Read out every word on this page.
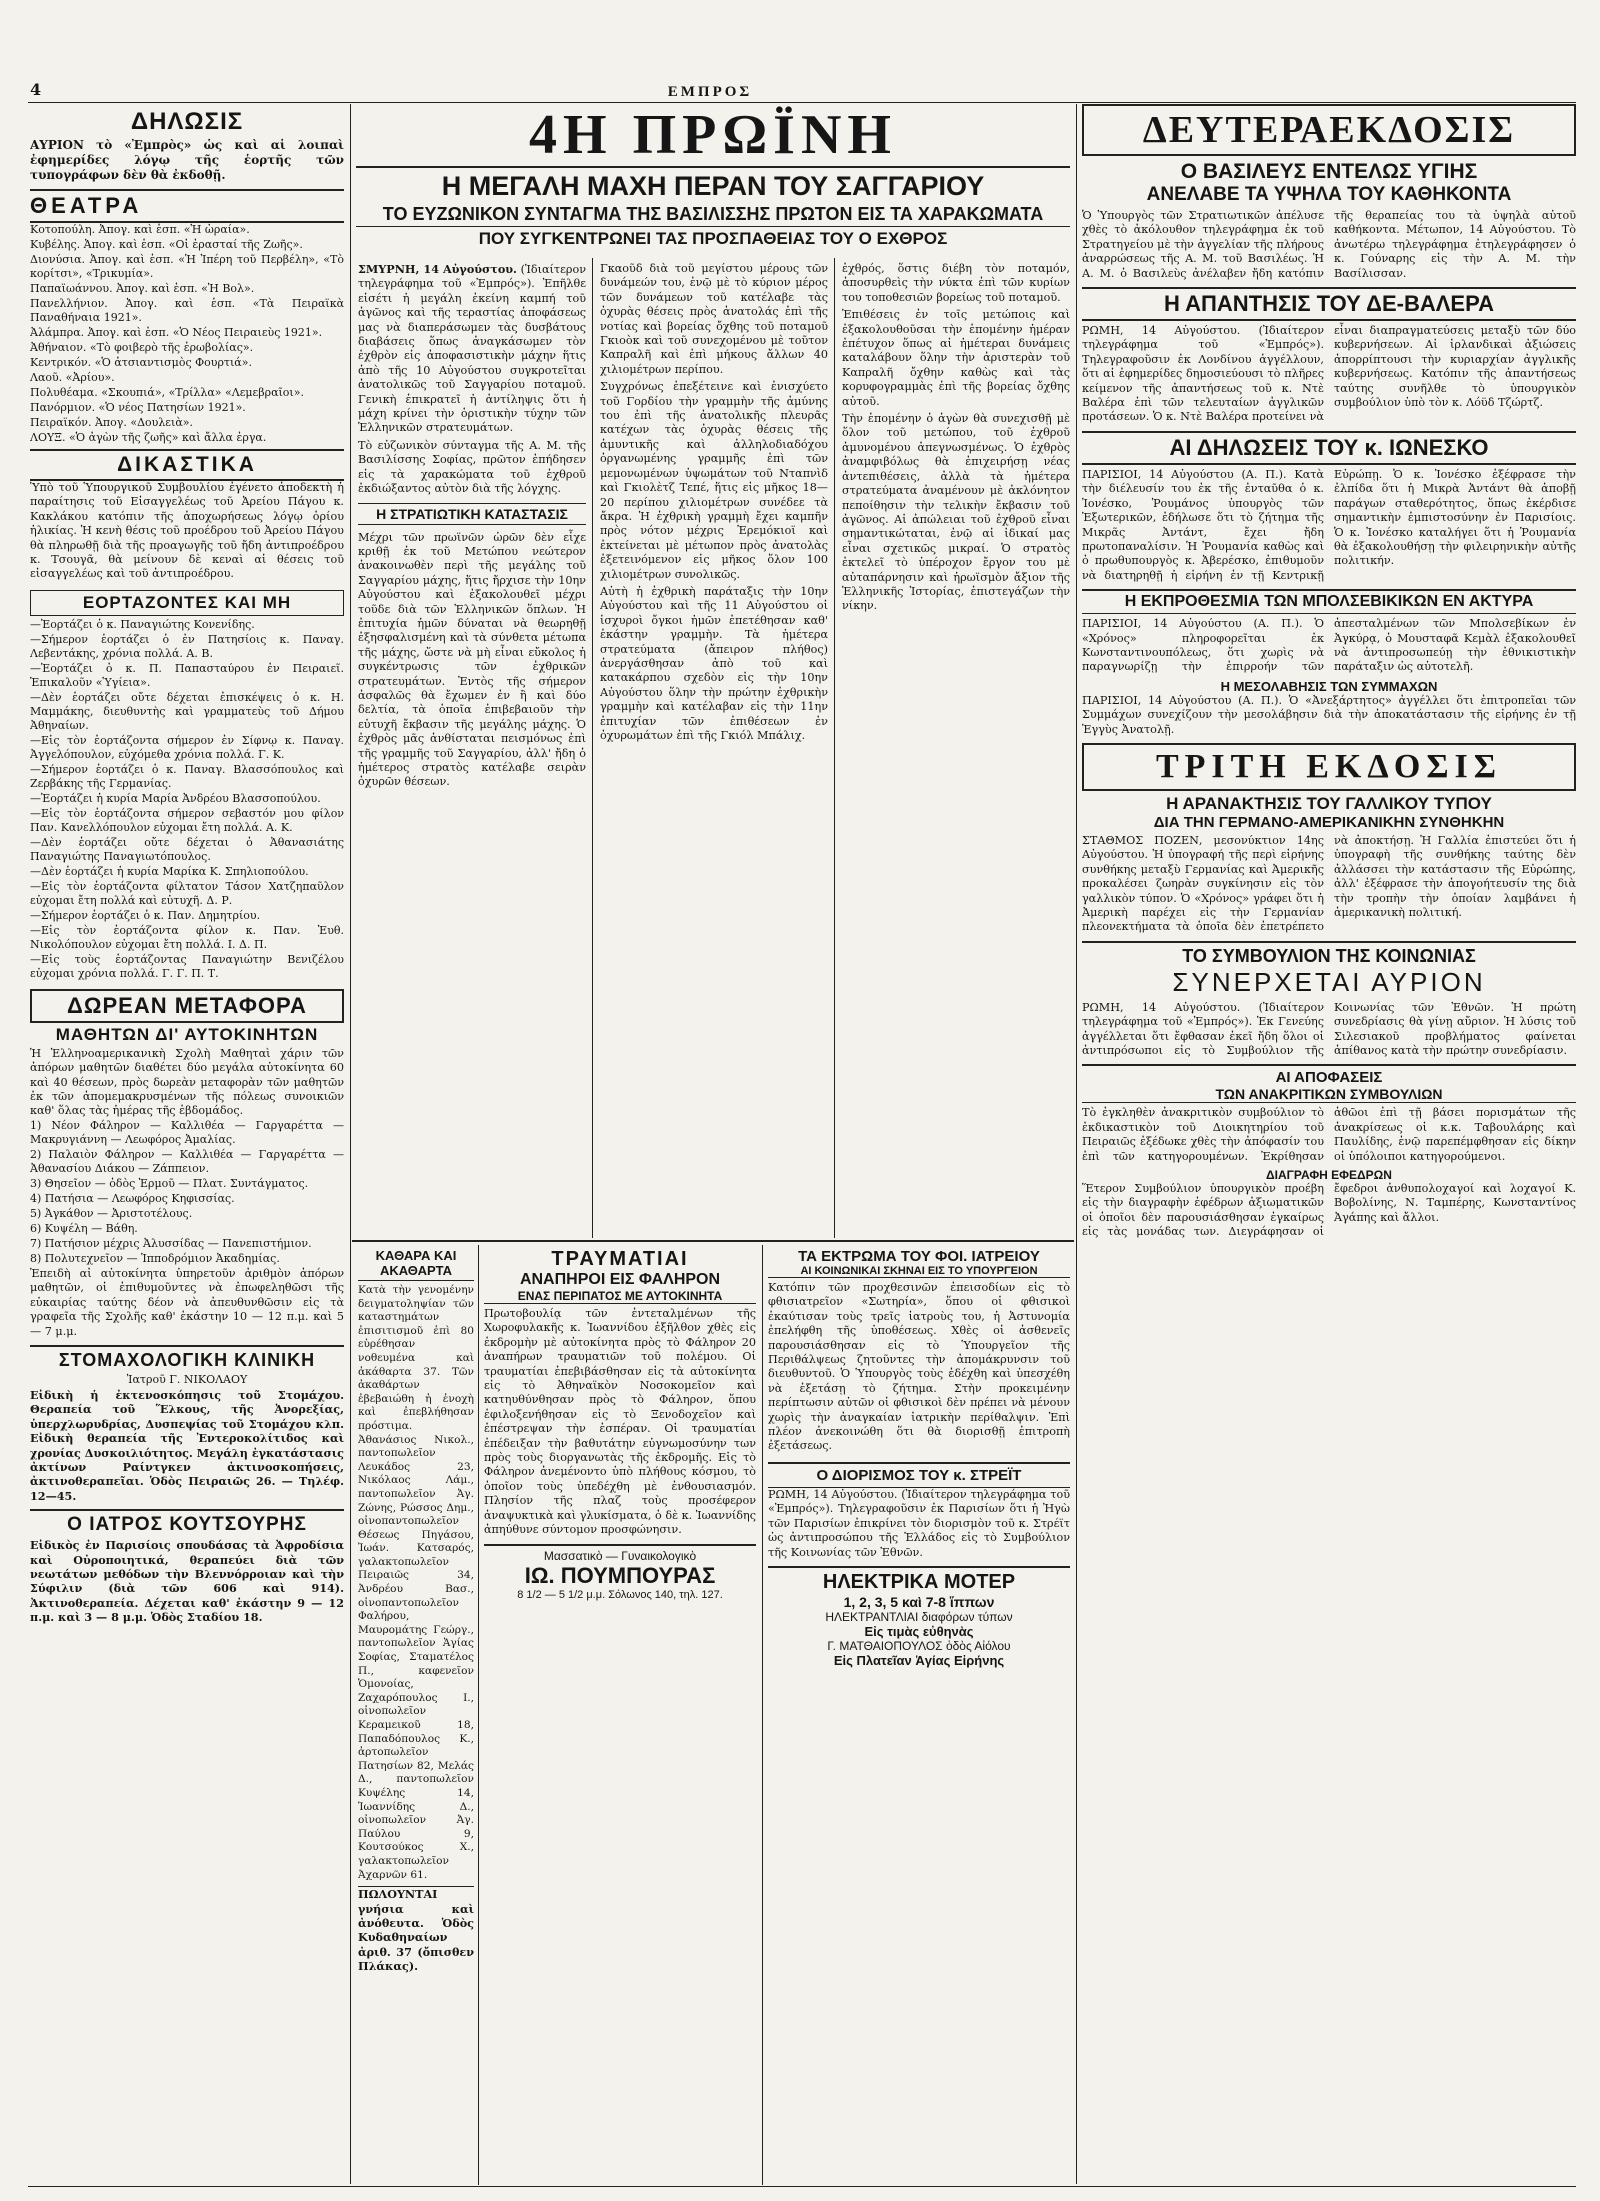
4	ΕΜΠΡΟΣ
ΔΗΛΩΣΙΣ
ΑΥΡΙΟΝ τὸ «Ἐμπρὸς» ὡς καὶ αἱ λοιπαὶ ἐφημερίδες λόγῳ τῆς ἑορτῆς τῶν τυπογράφων δὲν θὰ ἐκδοθῇ.
ΘΕΑΤΡΑ
Κοτοπούλη. Ἀπογ. καὶ ἑσπ. «Ἡ ὡραία».
Κυβέλης. Ἀπογ. καὶ ἑσπ. «Οἱ ἐρασταί τῆς Ζωῆς».
Διονύσια. Ἀπογ. καὶ ἑσπ. «Ἡ Ἰπέρη τοῦ Περβέλη», «Τὸ κορίτσι», «Τρικυμία».
Παπαϊωάννου. Ἀπογ. καὶ ἑσπ. «Ἡ Βολ».
Πανελλήνιον. Ἀπογ. καὶ ἑσπ. «Τὰ Πειραϊκὰ Παναθήναια 1921».
Ἀλάμπρα. Ἀπογ. καὶ ἑσπ. «Ὁ Νέος Πειραιεὺς 1921».
Ἀθήναιον. «Τὸ φοιβερὸ τῆς ἐρωβολίας».
Κεντρικόν. «Ὁ ἀτσιαντισμὸς Φουρτιά».
Λαοῦ. «Ἀρίου».
Πολυθέαμα. «Σκουπιά», «Τρίλλα» «Λεμεβραῖοι».
Πανόρμιον. «Ὁ νέος Πατησίων 1921».
Πειραϊκόν. Ἀπογ. «Δουλειὰ».
ΛΟΥΞ. «Ὁ ἀγὼν τῆς ζωῆς» καὶ ἄλλα ἐργα.
ΔΙΚΑΣΤΙΚΑ
Ὑπὸ τοῦ Ὑπουργικοῦ Συμβουλίου ἐγένετο ἀποδεκτὴ ἡ παραίτησις τοῦ Εἰσαγγελέως τοῦ Ἀρείου Πάγου κ. Κακλάκου κατόπιν τῆς ἀποχωρήσεως λόγῳ ὁρίου ἡλικίας. Ἡ κενὴ θέσις τοῦ προέδρου τοῦ Ἀρείου Πάγου θὰ πληρωθῇ διὰ τῆς προαγωγῆς τοῦ ἤδη ἀντιπροέδρου κ. Τσουγᾶ, θὰ μείνουν δὲ κεναὶ αἱ θέσεις τοῦ εἰσαγγελέως καὶ τοῦ ἀντιπροέδρου.
ΕΟΡΤΑΖΟΝΤΕΣ ΚΑΙ ΜΗ
—Ἑορτάζει ὁ κ. Παναγιώτης Κονενίδης.
—Σήμερον ἑορτάζει ὁ ἐν Πατησίοις κ. Παναγ. Λεβεντάκης, χρόνια πολλά. Α. Β.
—Ἑορτάζει ὁ κ. Π. Παπασταύρου ἐν Πειραιεῖ. Ἐπικαλοῦν «Ὑγίεια».
—Δὲν ἑορτάζει οὔτε δέχεται ἐπισκέψεις ὁ κ. Η. Μαμμάκης, διευθυντὴς καὶ γραμματεὺς τοῦ Δήμου Ἀθηναίων.
—Εἰς τὸν ἑορτάζοντα σήμερον ἐν Σίφνῳ κ. Παναγ. Ἀγγελόπουλον, εὐχόμεθα χρόνια πολλά. Γ. Κ.
—Σήμερον ἑορτάζει ὁ κ. Παναγ. Βλασσόπουλος καὶ Ζερβάκης τῆς Γερμανίας.
—Ἑορτάζει ἡ κυρία Μαρία Ἀνδρέου Βλασσοπούλου.
—Εἰς τὸν ἑορτάζοντα σήμερον σεβαστόν μου φίλον Παν. Κανελλόπουλον εὐχομαι ἔτη πολλά. Α. Κ.
—Δὲν ἑορτάζει οὔτε δέχεται ὁ Ἀθανασιάτης Παναγιώτης Παναγιωτόπουλος.
—Δὲν ἑορτάζει ἡ κυρία Μαρίκα Κ. Σπηλιοπούλου.
—Εἰς τὸν ἑορτάζοντα φίλτατον Τάσον Χατζηπαῦλον εὐχομαι ἔτη πολλά καὶ εὐτυχῆ. Δ. Ρ.
—Σήμερον ἑορτάζει ὁ κ. Παν. Δημητρίου.
—Εἰς τὸν ἑορτάζοντα φίλον κ. Παν. Ἐυθ. Νικολόπουλον εὐχομαι ἔτη πολλά. Ι. Δ. Π.
—Εἰς τοὺς ἑορτάζοντας Παναγιώτην Βενιζέλου εὐχομαι χρόνια πολλά. Γ. Γ. Π. Τ.
ΔΩΡΕΑΝ ΜΕΤΑΦΟΡΑ
ΜΑΘΗΤΩΝ ΔΙ' ΑΥΤΟΚΙΝΗΤΩΝ
Ἡ Ἑλληνοαμερικανικὴ Σχολὴ Μαθηταὶ χάριν τῶν ἀπόρων μαθητῶν διαθέτει δύο μεγάλα αὐτοκίνητα 60 καὶ 40 θέσεων, πρὸς δωρεὰν μεταφορὰν τῶν μαθητῶν ἐκ τῶν ἀπομεμακρυσμένων τῆς πόλεως συνοικιῶν καθ' ὅλας τὰς ἡμέρας τῆς ἑβδομάδος.
1) Νέον Φάληρον — Καλλιθέα — Γαργαρέττα — Μακρυγιάννη — Λεωφόρος Ἀμαλίας.
2) Παλαιὸν Φάληρον — Καλλιθέα — Γαργαρέττα — Ἀθανασίου Διάκου — Ζάππειον.
3) Θησεῖον — ὁδὸς Ἑρμοῦ — Πλατ. Συντάγματος.
4) Πατήσια — Λεωφόρος Κηφισσίας.
5) Ἀγκάθον — Ἀριστοτέλους.
6) Κυψέλη — Βάθη.
7) Πατήσιον μέχρις Ἀλυσσίδας — Πανεπιστήμιον.
8) Πολυτεχνεῖον — Ἱπποδρόμιον Ἀκαδημίας.
Ἐπειδὴ αἱ αὐτοκίνητα ὑπηρετοῦν ἀριθμὸν ἀπόρων μαθητῶν, οἱ ἐπιθυμοῦντες νὰ ἐπωφεληθῶσι τῆς εὐκαιρίας ταύτης δέον νὰ ἀπευθυνθῶσιν εἰς τὰ γραφεῖα τῆς Σχολῆς καθ' ἑκάστην 10 — 12 π.μ. καὶ 5 — 7 μ.μ.
ΣΤΟΜΑΧΟΛΟΓΙΚΗ ΚΛΙΝΙΚΗ
Ἰατροῦ Γ. ΝΙΚΟΛΑΟΥ
Εἰδικὴ ἡ ἐκτενοσκόπησις τοῦ Στομάχου. Θεραπεία τοῦ Ἕλκους, τῆς Ἀνορεξίας, ὑπερχλωρυδρίας, Δυσπεψίας τοῦ Στομάχου κλπ. Εἰδικὴ θεραπεία τῆς Ἐντεροκολίτιδος καὶ χρονίας Δυσκοιλιότητος. Μεγάλη ἐγκατάστασις ἀκτίνων Ραίντγκεν ἀκτινοσκοπήσεις, ἀκτινοθεραπεῖαι. Ὁδὸς Πειραιῶς 26. — Τηλέφ. 12—45.
Ο ΙΑΤΡΟΣ ΚΟΥΤΣΟΥΡΗΣ
Εἰδικὸς ἐν Παρισίοις σπουδάσας τὰ Ἀφροδίσια καὶ Οὐροποιητικά, θεραπεύει διὰ τῶν νεωτάτων μεθόδων τὴν Βλεννόρροιαν καὶ τὴν Σύφιλιν (διὰ τῶν 606 καὶ 914). Ἀκτινοθεραπεία. Δέχεται καθ' ἑκάστην 9 — 12 π.μ. καὶ 3 — 8 μ.μ. Ὁδὸς Σταδίου 18.
4Η ΠΡΩΪΝΗ
Η ΜΕΓΑΛΗ ΜΑΧΗ ΠΕΡΑΝ ΤΟΥ ΣΑΓΓΑΡΙΟΥ
ΤΟ ΕΥΖΩΝΙΚΟΝ ΣΥΝΤΑΓΜΑ ΤΗΣ ΒΑΣΙΛΙΣΣΗΣ ΠΡΩΤΟΝ ΕΙΣ ΤΑ ΧΑΡΑΚΩΜΑΤΑ
ΠΟΥ ΣΥΓΚΕΝΤΡΩΝΕΙ ΤΑΣ ΠΡΟΣΠΑΘΕΙΑΣ ΤΟΥ Ο ΕΧΘΡΟΣ
ΣΜΥΡΝΗ, 14 Αὐγούστου. (Ἰδιαίτερον τηλεγράφημα τοῦ «Ἐμπρός»). Ἐπῆλθε εἰσέτι ἡ μεγάλη ἐκείνη καμπή τοῦ ἀγῶνος καὶ τῆς τεραστίας ἀποφάσεως μας νὰ διαπεράσωμεν τὰς δυσβάτους διαβάσεις ὅπως ἀναγκάσωμεν τὸν ἐχθρὸν εἰς ἀποφασιστικὴν μάχην ἥτις ἀπὸ τῆς 10 Αὐγούστου συγκροτεῖται ἀνατολικῶς τοῦ Σαγγαρίου ποταμοῦ. Γενικὴ ἐπικρατεῖ ἡ ἀντίληψις ὅτι ἡ μάχη κρίνει τὴν ὁριστικὴν τύχην τῶν Ἑλληνικῶν στρατευμάτων.
Τὸ εὐζωνικὸν σύνταγμα τῆς Α. Μ. τῆς Βασιλίσσης Σοφίας, πρῶτον ἐπήδησεν εἰς τὰ χαρακώματα τοῦ ἐχθροῦ ἐκδιώξαντος αὐτὸν διὰ τῆς λόγχης.
Η ΣΤΡΑΤΙΩΤΙΚΗ ΚΑΤΑΣΤΑΣΙΣ
Μέχρι τῶν πρωϊνῶν ὡρῶν δὲν εἶχε κριθῇ ἐκ τοῦ Μετώπου νεώτερον ἀνακοινωθὲν περὶ τῆς μεγάλης τοῦ Σαγγαρίου μάχης, ἥτις ἤρχισε τὴν 10ην Αὐγούστου καὶ ἐξακολουθεῖ μέχρι τοῦδε διὰ τῶν Ἑλληνικῶν ὅπλων. Ἡ ἐπιτυχία ἡμῶν δύναται νὰ θεωρηθῇ ἐξησφαλισμένη καὶ τὰ σύνθετα μέτωπα τῆς μάχης, ὥστε νὰ μὴ εἶναι εὔκολος ἡ συγκέντρωσις τῶν ἐχθρικῶν στρατευμάτων. Ἐντὸς τῆς σήμερον ἀσφαλῶς θὰ ἔχωμεν ἐν ἢ καὶ δύο δελτία, τὰ ὁποῖα ἐπιβεβαιοῦν τὴν εὐτυχῆ ἔκβασιν τῆς μεγάλης μάχης. Ὁ ἐχθρὸς μᾶς ἀνθίσταται πεισμόνως ἐπὶ τῆς γραμμῆς τοῦ Σαγγαρίου, ἀλλ' ἤδη ὁ ἡμέτερος στρατὸς κατέλαβε σειρὰν ὀχυρῶν θέσεων.
Γκαοῦδ διὰ τοῦ μεγίστου μέρους τῶν δυνάμεών του, ἐνῷ μὲ τὸ κύριον μέρος τῶν δυνάμεων τοῦ κατέλαβε τὰς ὀχυρὰς θέσεις πρὸς ἀνατολάς ἐπὶ τῆς νοτίας καὶ βορείας ὄχθης τοῦ ποταμοῦ Γκιοὸκ καὶ τοῦ συνεχομένου μὲ τοῦτον Καπραλῆ καὶ ἐπὶ μήκους ἄλλων 40 χιλιομέτρων περίπου.
Συγχρόνως ἐπεξέτεινε καὶ ἐνισχύετο τοῦ Γορδίου τὴν γραμμὴν τῆς ἀμύνης του ἐπὶ τῆς ἀνατολικῆς πλευρᾶς κατέχων τὰς ὀχυρὰς θέσεις τῆς ἀμυντικῆς καὶ ἀλληλοδιαδόχου ὀργανωμένης γραμμῆς ἐπὶ τῶν μεμονωμένων ὑψωμάτων τοῦ Νταπνὶδ καὶ Γκιολὲτζ Τεπέ, ἥτις εἰς μῆκος 18—20 περίπου χιλιομέτρων συνέδεε τὰ ἄκρα. Ἡ ἐχθρικὴ γραμμὴ ἔχει καμπῆν πρὸς νότον μέχρις Ἐρεμόκιοϊ καὶ ἐκτείνεται μὲ μέτωπον πρὸς ἀνατολὰς ἐξετεινόμενον εἰς μῆκος ὅλον 100 χιλιομέτρων συνολικῶς.
Αὐτὴ ἡ ἐχθρικὴ παράταξις τὴν 10ην Αὐγούστου καὶ τῆς 11 Αὐγούστου οἱ ἰσχυροὶ ὄγκοι ἡμῶν ἐπετέθησαν καθ' ἑκάστην γραμμὴν. Τὰ ἡμέτερα στρατεύματα (ἄπειρον πλήθος) ἀνεργάσθησαν ἀπὸ τοῦ καὶ κατακάρπου σχεδὸν εἰς τὴν 10ην Αὐγούστου ὅλην τὴν πρώτην ἐχθρικὴν γραμμὴν καὶ κατέλαβαν εἰς τὴν 11ην ἐπιτυχίαν τῶν ἐπιθέσεων ἐν ὀχυρωμάτων ἐπὶ τῆς Γκιόλ Μπάλιχ.
ἐχθρός, ὅστις διέβη τὸν ποταμόν, ἀποσυρθεὶς τὴν νύκτα ἐπὶ τῶν κυρίων του τοποθεσιῶν βορείως τοῦ ποταμοῦ.
Ἐπιθέσεις ἐν τοῖς μετώποις καὶ ἐξακολουθοῦσαι τὴν ἑπομένην ἡμέραν ἐπέτυχον ὅπως αἱ ἡμέτεραι δυνάμεις καταλάβουν ὅλην τὴν ἀριστερὰν τοῦ Καπραλῆ ὄχθην καθὼς καὶ τὰς κορυφογραμμὰς ἐπὶ τῆς βορείας ὄχθης αὐτοῦ.
Τὴν ἑπομένην ὁ ἀγὼν θὰ συνεχισθῇ μὲ ὅλον τοῦ μετώπου, τοῦ ἐχθροῦ ἀμυνομένου ἀπεγνωσμένως. Ὁ ἐχθρὸς ἀναμφιβόλως θὰ ἐπιχειρήσῃ νέας ἀντεπιθέσεις, ἀλλὰ τὰ ἡμέτερα στρατεύματα ἀναμένουν μὲ ἀκλόνητον πεποίθησιν τὴν τελικὴν ἔκβασιν τοῦ ἀγῶνος. Αἱ ἀπώλειαι τοῦ ἐχθροῦ εἶναι σημαντικώταται, ἐνῷ αἱ ἰδικαί μας εἶναι σχετικῶς μικραί. Ὁ στρατὸς ἐκτελεῖ τὸ ὑπέροχον ἔργον του μὲ αὐταπάρνησιν καὶ ἡρωϊσμὸν ἄξιον τῆς Ἑλληνικῆς Ἱστορίας, ἐπιστεγάζων τὴν νίκην.
ΚΑΘΑΡΑ ΚΑΙ ΑΚΑΘΑΡΤΑ
Κατὰ τὴν γενομένην δειγματοληψίαν τῶν καταστημάτων ἐπισιτισμοῦ ἐπὶ 80 εὑρέθησαν νοθευμένα καὶ ἀκάθαρτα 37. Τῶν ἀκαθάρτων ἐβεβαιώθη ἡ ἐνοχὴ καὶ ἐπεβλήθησαν πρόστιμα. Ἀθανάσιος Νικολ., παντοπωλεῖον Λευκάδος 23, Νικόλαος Λάμ., παντοπωλεῖον Ἀγ. Ζώνης, Ρώσσος Δημ., οἰνοπαντοπωλεῖον Θέσεως Πηγάσου, Ἰωάν. Κατσαρός, γαλακτοπωλεῖον Πειραιῶς 34, Ἀνδρέου Βασ., οἰνοπαντοπωλεῖον Φαλήρου, Μαυρομάτης Γεώργ., παντοπωλεῖον Ἁγίας Σοφίας, Σταματέλος Π., καφενεῖον Ὁμονοίας, Ζαχαρόπουλος Ι., οἰνοπωλεῖον Κεραμεικοῦ 18, Παπαδόπουλος Κ., ἀρτοπωλεῖον Πατησίων 82, Μελάς Δ., παντοπωλεῖον Κυψέλης 14, Ἰωαννίδης Δ., οἰνοπωλεῖον Ἀγ. Παύλου 9, Κουτσούκος Χ., γαλακτοπωλεῖον Ἀχαρνῶν 61.
ΠΩΛΟΥΝΤΑΙ γνήσια καὶ ἀνόθευτα. Ὁδὸς Κυδαθηναίων ἀριθ. 37 (ὄπισθεν Πλάκας).
ΤΡΑΥΜΑΤΙΑΙ
ΑΝΑΠΗΡΟΙ ΕΙΣ ΦΑΛΗΡΟΝ
ΕΝΑΣ ΠΕΡΙΠΑΤΟΣ ΜΕ ΑΥΤΟΚΙΝΗΤΑ
Πρωτοβουλίᾳ τῶν ἐντεταλμένων τῆς Χωροφυλακῆς κ. Ἰωαννίδου ἐξῆλθον χθὲς εἰς ἐκδρομὴν μὲ αὐτοκίνητα πρὸς τὸ Φάληρον 20 ἀναπήρων τραυματιῶν τοῦ πολέμου. Οἱ τραυματίαι ἐπεβιβάσθησαν εἰς τὰ αὐτοκίνητα εἰς τὸ Ἀθηναϊκὸν Νοσοκομεῖον καὶ κατηυθύνθησαν πρὸς τὸ Φάληρον, ὅπου ἐφιλοξενήθησαν εἰς τὸ Ξενοδοχεῖον καὶ ἐπέστρεψαν τὴν ἑσπέραν. Οἱ τραυματίαι ἐπέδειξαν τὴν βαθυτάτην εὐγνωμοσύνην των πρὸς τοὺς διοργανωτὰς τῆς ἐκδρομῆς. Εἰς τὸ Φάληρον ἀνεμένοντο ὑπὸ πλήθους κόσμου, τὸ ὁποῖον τοὺς ὑπεδέχθη μὲ ἐνθουσιασμόν. Πλησίον τῆς πλαζ τοὺς προσέφερον ἀναψυκτικὰ καὶ γλυκίσματα, ὁ δὲ κ. Ἰωαννίδης ἀπηύθυνε σύντομον προσφώνησιν.
Μασσατικὸ — Γυναικολογικὸ
ΙΩ. ΠΟΥΜΠΟΥΡΑΣ
8 1/2 — 5 1/2 μ.μ. Σόλωνος 140, τηλ. 127.
ΤΑ ΕΚΤΡΩΜΑ ΤΟΥ ΦΟΙ. ΙΑΤΡΕΙΟΥ
ΑΙ ΚΟΙΝΩΝΙΚΑΙ ΣΚΗΝΑΙ ΕΙΣ ΤΟ ΥΠΟΥΡΓΕΙΟΝ
Κατόπιν τῶν προχθεσινῶν ἐπεισοδίων εἰς τὸ φθισιατρεῖον «Σωτηρία», ὅπου οἱ φθισικοὶ ἐκαύτισαν τοὺς τρεῖς ἰατροὺς του, ἡ Ἀστυνομία ἐπελήφθη τῆς ὑποθέσεως. Χθὲς οἱ ἀσθενεῖς παρουσιάσθησαν εἰς τὸ Ὑπουργεῖον τῆς Περιθάλψεως ζητοῦντες τὴν ἀπομάκρυνσιν τοῦ διευθυντοῦ. Ὁ Ὑπουργὸς τοὺς ἐδέχθη καὶ ὑπεσχέθη νὰ ἐξετάσῃ τὸ ζήτημα. Στὴν προκειμένην περίπτωσιν αὐτῶν οἱ φθισικοὶ δὲν πρέπει νὰ μένουν χωρὶς τὴν ἀναγκαίαν ἰατρικὴν περίθαλψιν. Ἐπὶ πλέον ἀνεκοινώθη ὅτι θὰ διορισθῇ ἐπιτροπὴ ἐξετάσεως.
Ο ΔΙΟΡΙΣΜΟΣ ΤΟΥ κ. ΣΤΡΕΪΤ
ΡΩΜΗ, 14 Αὐγούστου. (Ἰδιαίτερον τηλεγράφημα τοῦ «Ἐμπρός»). Τηλεγραφοῦσιν ἐκ Παρισίων ὅτι ἡ Ἠγὼ τῶν Παρισίων ἐπικρίνει τὸν διορισμὸν τοῦ κ. Στρέϊτ ὡς ἀντιπροσώπου τῆς Ἑλλάδος εἰς τὸ Συμβούλιον τῆς Κοινωνίας τῶν Ἐθνῶν.
ΗΛΕΚΤΡΙΚΑ ΜΟΤΕΡ
1, 2, 3, 5 καὶ 7-8 ἵππων
ΗΛΕΚΤΡΑΝΤΛΙΑΙ διαφόρων τύπων
Εἰς τιμὰς εὐθηνὰς
Γ. ΜΑΤΘΑΙΟΠΟΥΛΟΣ ὁδὸς Αἰόλου
Εἰς Πλατεῖαν Ἁγίας Εἰρήνης
ΔΕΥΤΕΡΑΕΚΔΟΣΙΣ
Ο ΒΑΣΙΛΕΥΣ ΕΝΤΕΛΩΣ ΥΓΙΗΣ
ΑΝΕΛΑΒΕ ΤΑ ΥΨΗΛΑ ΤΟΥ ΚΑΘΗΚΟΝΤΑ
Ὁ Ὑπουργὸς τῶν Στρατιωτικῶν ἀπέλυσε χθὲς τὸ ἀκόλουθον τηλεγράφημα ἐκ τοῦ Στρατηγείου μὲ τὴν ἀγγελίαν τῆς πλήρους ἀναρρώσεως τῆς Α. Μ. τοῦ Βασιλέως. Ἡ Α. Μ. ὁ Βασιλεὺς ἀνέλαβεν ἤδη κατόπιν τῆς θεραπείας του τὰ ὑψηλὰ αὐτοῦ καθήκοντα. Μέτωπον, 14 Αὐγούστου. Τὸ ἀνωτέρω τηλεγράφημα ἐτηλεγράφησεν ὁ κ. Γούναρης εἰς τὴν Α. Μ. τὴν Βασίλισσαν.
Η ΑΠΑΝΤΗΣΙΣ ΤΟΥ ΔΕ-ΒΑΛΕΡΑ
ΡΩΜΗ, 14 Αὐγούστου. (Ἰδιαίτερον τηλεγράφημα τοῦ «Ἐμπρός»). Τηλεγραφοῦσιν ἐκ Λονδίνου ἀγγέλλουν, ὅτι αἱ ἐφημερίδες δημοσιεύουσι τὸ πλῆρες κείμενον τῆς ἀπαντήσεως τοῦ κ. Ντὲ Βαλέρα ἐπὶ τῶν τελευταίων ἀγγλικῶν προτάσεων. Ὁ κ. Ντὲ Βαλέρα προτείνει νὰ εἶναι διαπραγματεύσεις μεταξὺ τῶν δύο κυβερνήσεων. Αἱ ἰρλανδικαὶ ἀξιώσεις ἀπορρίπτουσι τὴν κυριαρχίαν ἀγγλικῆς κυβερνήσεως. Κατόπιν τῆς ἀπαντήσεως ταύτης συνῆλθε τὸ ὑπουργικὸν συμβούλιον ὑπὸ τὸν κ. Λόϋδ Τζώρτζ.
ΑΙ ΔΗΛΩΣΕΙΣ ΤΟΥ κ. ΙΩΝΕΣΚΟ
ΠΑΡΙΣΙΟΙ, 14 Αὐγούστου (Α. Π.). Κατὰ τὴν διέλευσίν του ἐκ τῆς ἐνταῦθα ὁ κ. Ἰονέσκο, Ῥουμάνος ὑπουργὸς τῶν Ἐξωτερικῶν, ἐδήλωσε ὅτι τὸ ζήτημα τῆς Μικρᾶς Ἀντάντ, ἔχει ἤδη πρωτοπαναλίσιν. Ἡ Ῥουμανία καθὼς καὶ ὁ πρωθυπουργὸς κ. Ἀβερέσκο, ἐπιθυμοῦν νὰ διατηρηθῇ ἡ εἰρήνη ἐν τῇ Κεντρικῇ Εὐρώπῃ. Ὁ κ. Ἰονέσκο ἐξέφρασε τὴν ἐλπίδα ὅτι ἡ Μικρὰ Ἀντάντ θὰ ἀποβῇ παράγων σταθερότητος, ὅπως ἐκέρδισε σημαντικὴν ἐμπιστοσύνην ἐν Παρισίοις. Ὁ κ. Ἰονέσκο καταλήγει ὅτι ἡ Ῥουμανία θὰ ἐξακολουθήσῃ τὴν φιλειρηνικὴν αὐτῆς πολιτικήν.
Η ΕΚΠΡΟΘΕΣΜΙΑ ΤΩΝ ΜΠΟΛΣΕΒΙΚΙΚΩΝ ΕΝ ΑΚΤΥΡΑ
ΠΑΡΙΣΙΟΙ, 14 Αὐγούστου (Α. Π.). Ὁ «Χρόνος» πληροφορεῖται ἐκ Κωνσταντινουπόλεως, ὅτι χωρὶς νὰ παραγνωρίζῃ τὴν ἐπιρροήν τῶν ἀπεσταλμένων τῶν Μπολσεβίκων ἐν Ἀγκύρᾳ, ὁ Μουσταφᾶ Κεμὰλ ἐξακολουθεῖ νὰ ἀντιπροσωπεύῃ τὴν ἐθνικιστικὴν παράταξιν ὡς αὐτοτελῆ.
Η ΜΕΣΟΛΑΒΗΣΙΣ ΤΩΝ ΣΥΜΜΑΧΩΝ
ΠΑΡΙΣΙΟΙ, 14 Αὐγούστου (Α. Π.). Ὁ «Ἀνεξάρτητος» ἀγγέλλει ὅτι ἐπιτροπεῖαι τῶν Συμμάχων συνεχίζουν τὴν μεσολάβησιν διὰ τὴν ἀποκατάστασιν τῆς εἰρήνης ἐν τῇ Ἐγγὺς Ἀνατολῇ.
ΤΡΙΤΗ ΕΚΔΟΣΙΣ
Η ΑΡΑΝΑΚΤΗΣΙΣ ΤΟΥ ΓΑΛΛΙΚΟΥ ΤΥΠΟΥ
ΔΙΑ ΤΗΝ ΓΕΡΜΑΝΟ-ΑΜΕΡΙΚΑΝΙΚΗΝ ΣΥΝΘΗΚΗΝ
ΣΤΑΘΜΟΣ ΠΟΖΕΝ, μεσονύκτιον 14ης Αὐγούστου. Ἡ ὑπογραφή τῆς περὶ εἰρήνης συνθήκης μεταξὺ Γερμανίας καὶ Ἀμερικῆς προκαλέσει ζωηρὰν συγκίνησιν εἰς τὸν γαλλικὸν τύπον. Ὁ «Χρόνος» γράφει ὅτι ἡ Ἀμερικὴ παρέχει εἰς τὴν Γερμανίαν πλεονεκτήματα τὰ ὁποῖα δὲν ἐπετρέπετο νὰ ἀποκτήσῃ. Ἡ Γαλλία ἐπιστεύει ὅτι ἡ ὑπογραφὴ τῆς συνθήκης ταύτης δὲν ἀλλάσσει τὴν κατάστασιν τῆς Εὐρώπης, ἀλλ' ἐξέφρασε τὴν ἀπογοήτευσίν της διὰ τὴν τροπὴν τὴν ὁποίαν λαμβάνει ἡ ἀμερικανικὴ πολιτική.
ΤΟ ΣΥΜΒΟΥΛΙΟΝ ΤΗΣ ΚΟΙΝΩΝΙΑΣ
ΣΥΝΕΡΧΕΤΑΙ ΑΥΡΙΟΝ
ΡΩΜΗ, 14 Αὐγούστου. (Ἰδιαίτερον τηλεγράφημα τοῦ «Ἐμπρός»). Ἐκ Γενεύης ἀγγέλλεται ὅτι ἔφθασαν ἐκεῖ ἤδη ὅλοι οἱ ἀντιπρόσωποι εἰς τὸ Συμβούλιον τῆς Κοινωνίας τῶν Ἐθνῶν. Ἡ πρώτη συνεδρίασις θὰ γίνῃ αὔριον. Ἡ λύσις τοῦ Σιλεσιακοῦ προβλήματος φαίνεται ἀπίθανος κατὰ τὴν πρώτην συνεδρίασιν.
ΑΙ ΑΠΟΦΑΣΕΙΣ
ΤΩΝ ΑΝΑΚΡΙΤΙΚΩΝ ΣΥΜΒΟΥΛΙΩΝ
Τὸ ἐγκληθὲν ἀνακριτικὸν συμβούλιον τὸ ἐκδικαστικὸν τοῦ Διοικητηρίου τοῦ Πειραιῶς ἐξέδωκε χθὲς τὴν ἀπόφασίν του ἐπὶ τῶν κατηγορουμένων. Ἐκρίθησαν ἀθῶοι ἐπὶ τῇ βάσει πορισμάτων τῆς ἀνακρίσεως οἱ κ.κ. Ταβουλάρης καὶ Παυλίδης, ἐνῷ παρεπέμφθησαν εἰς δίκην οἱ ὑπόλοιποι κατηγορούμενοι.
ΔΙΑΓΡΑΦΗ ΕΦΕΔΡΩΝ
Ἕτερον Συμβούλιον ὑπουργικὸν προέβη εἰς τὴν διαγραφὴν ἐφέδρων ἀξιωματικῶν οἱ ὁποῖοι δὲν παρουσιάσθησαν ἐγκαίρως εἰς τὰς μονάδας των. Διεγράφησαν οἱ ἔφεδροι ἀνθυπολοχαγοί καὶ λοχαγοί Κ. Βοβολίνης, Ν. Ταμπέρης, Κωνσταντίνος Ἀγάπης καὶ ἄλλοι.
